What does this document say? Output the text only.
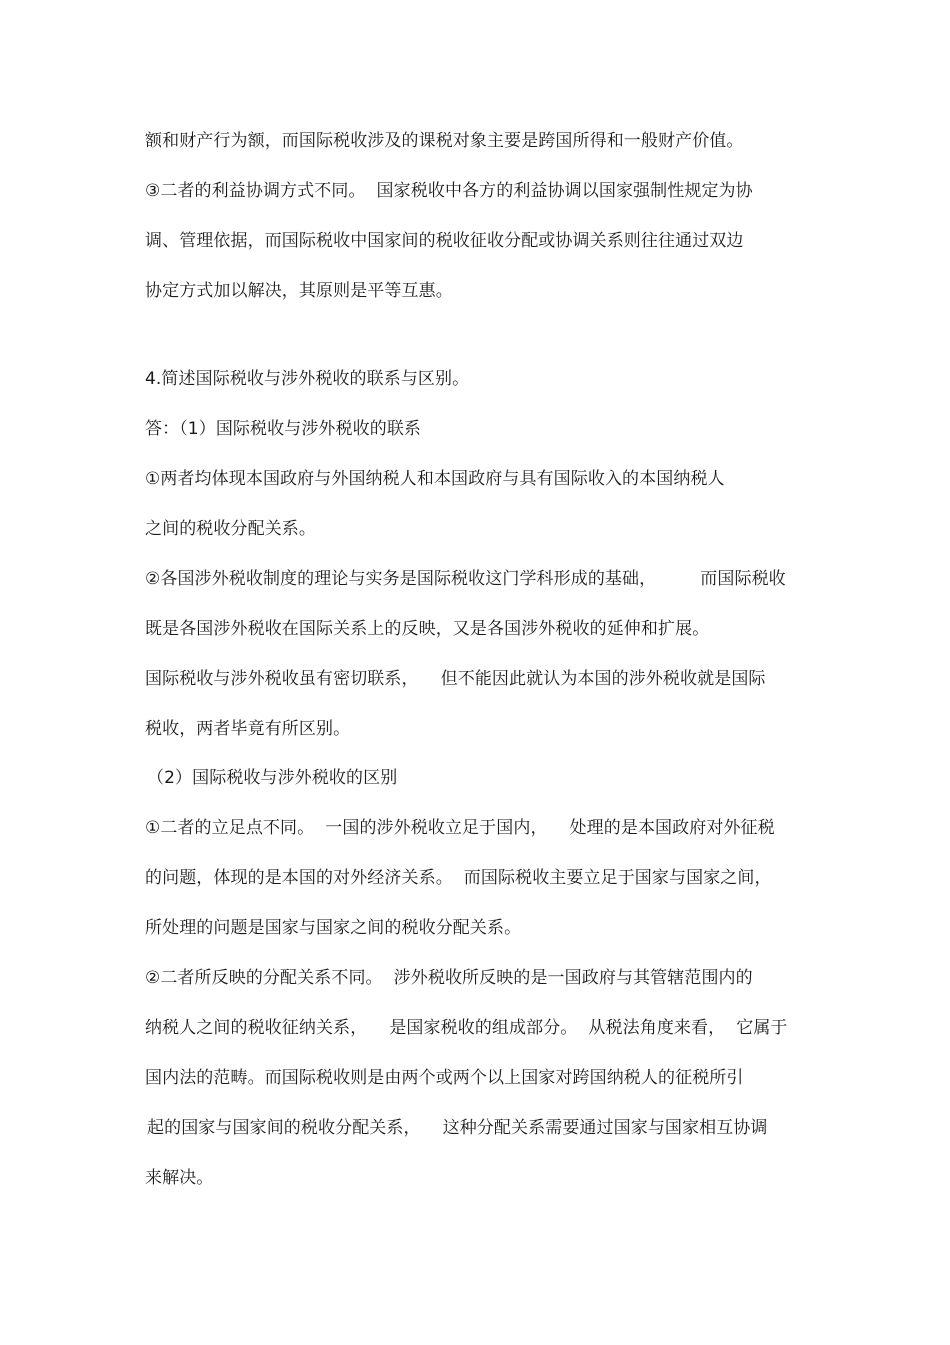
额和财产行为额，而国际税收涉及的课税对象主要是跨国所得和一般财产价值。
③二者的利益协调方式不同。  国家税收中各方的利益协调以国家强制性规定为协
调、管理依据，而国际税收中国家间的税收征收分配或协调关系则往往通过双边
协定方式加以解决，其原则是平等互惠。
4.简述国际税收与涉外税收的联系与区别。
答：（1）国际税收与涉外税收的联系
①两者均体现本国政府与外国纳税人和本国政府与具有国际收入的本国纳税人
之间的税收分配关系。
②各国涉外税收制度的理论与实务是国际税收这门学科形成的基础，        而国际税收
既是各国涉外税收在国际关系上的反映，又是各国涉外税收的延伸和扩展。
国际税收与涉外税收虽有密切联系，    但不能因此就认为本国的涉外税收就是国际
税收，两者毕竟有所区别。
（2）国际税收与涉外税收的区别
①二者的立足点不同。  一国的涉外税收立足于国内，    处理的是本国政府对外征税
的问题，体现的是本国的对外经济关系。  而国际税收主要立足于国家与国家之间，
所处理的问题是国家与国家之间的税收分配关系。
②二者所反映的分配关系不同。  涉外税收所反映的是一国政府与其管辖范围内的
纳税人之间的税收征纳关系，    是国家税收的组成部分。  从税法角度来看，  它属于
国内法的范畴。而国际税收则是由两个或两个以上国家对跨国纳税人的征税所引
起的国家与国家间的税收分配关系，    这种分配关系需要通过国家与国家相互协调
来解决。
